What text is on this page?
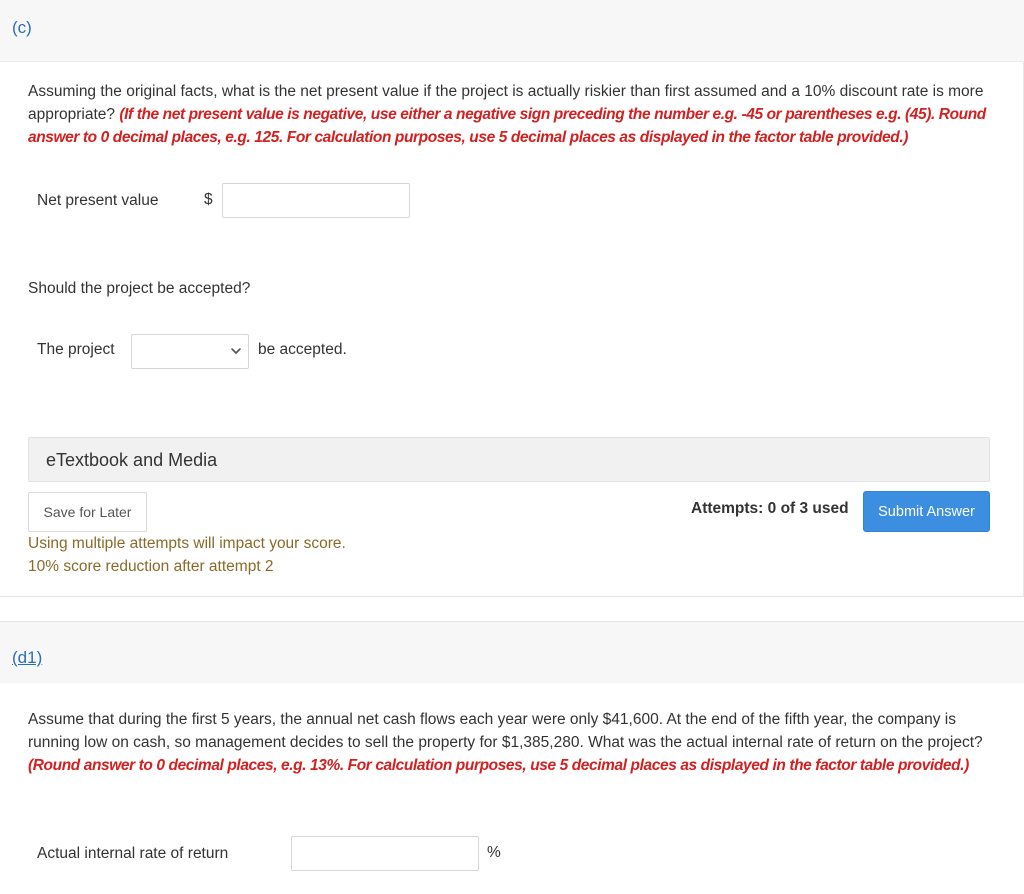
(c)

Assuming the original facts, what is the net present value if the project is actually riskier than first assumed and a 10% discount rate is more appropriate? (If the net present value is negative, use either a negative sign preceding the number e.g. -45 or parentheses e.g. (45). Round answer to 0 decimal places, e.g. 125. For calculation purposes, use 5 decimal places as displayed in the factor table provided.)

Net present value	$
Should the project be accepted?
The project	be accepted.
eTextbook and Media
Save for Later	Attempts: 0 of 3 used	Submit Answer
Using multiple attempts will impact your score.
10% score reduction after attempt 2
(d1)

Assume that during the first 5 years, the annual net cash flows each year were only $41,600. At the end of the fifth year, the company is running low on cash, so management decides to sell the property for $1,385,280. What was the actual internal rate of return on the project? (Round answer to 0 decimal places, e.g. 13%. For calculation purposes, use 5 decimal places as displayed in the factor table provided.)

Actual internal rate of return	%
